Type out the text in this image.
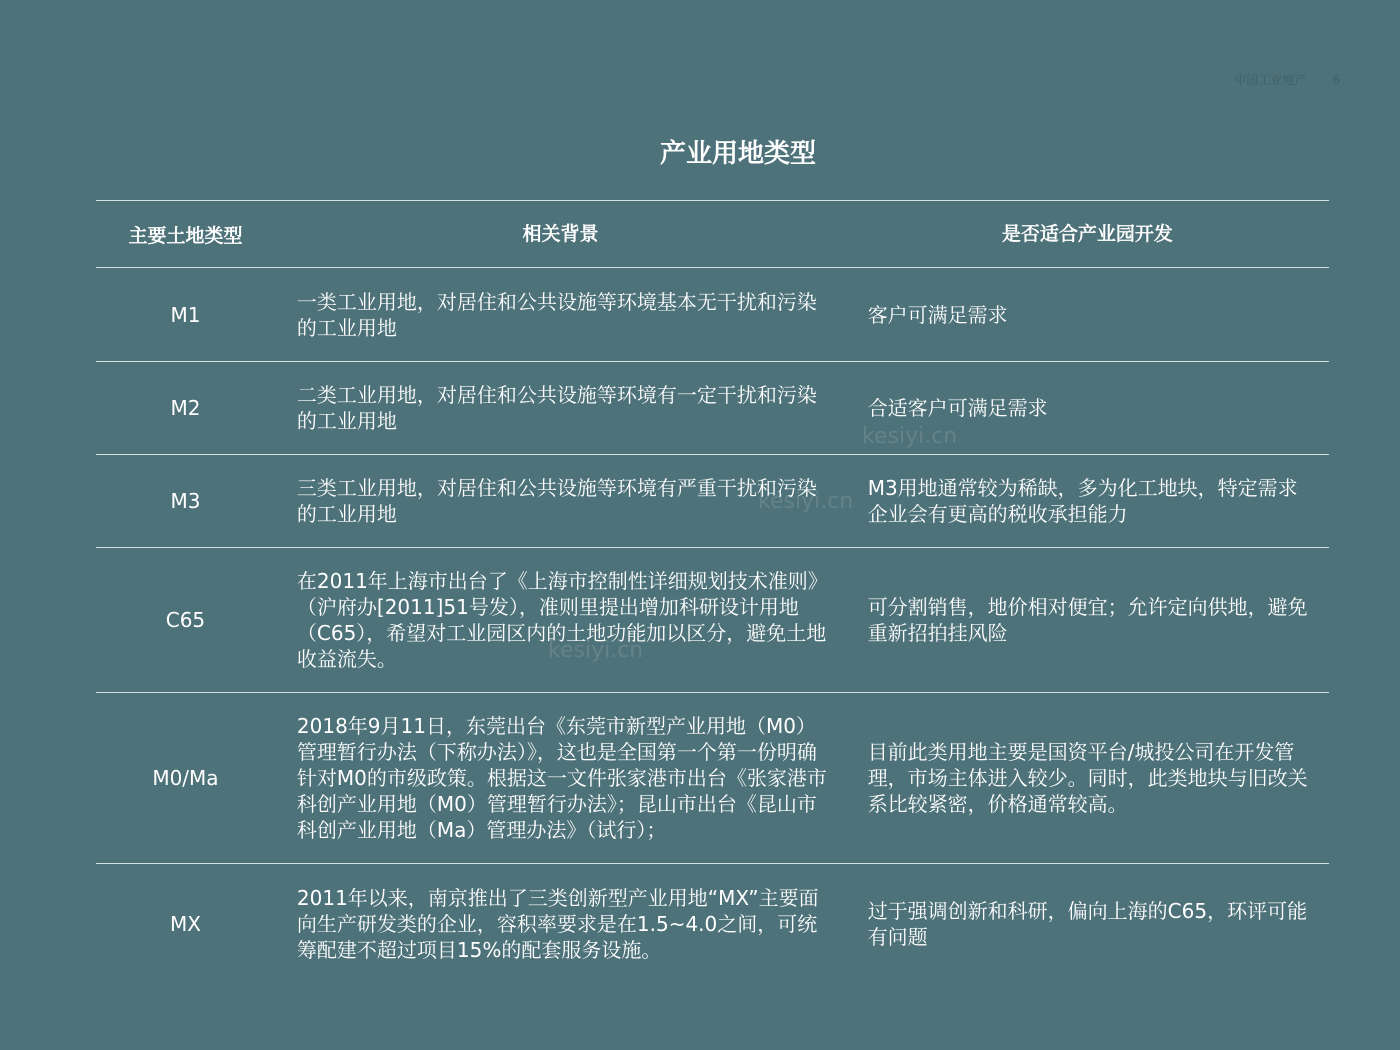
中国工业地产 6
产业用地类型
kesiyi.cn
kesiyi.cn
kesiyi.cn
主要土地类型	相关背景	是否适合产业园开发
M1
一类工业用地，对居住和公共设施等环境基本无干扰和污染的工业用地
客户可满足需求
M2
二类工业用地，对居住和公共设施等环境有一定干扰和污染的工业用地
合适客户可满足需求
M3
三类工业用地，对居住和公共设施等环境有严重干扰和污染的工业用地
M3用地通常较为稀缺，多为化工地块，特定需求企业会有更高的税收承担能力
C65
在2011年上海市出台了《上海市控制性详细规划技术准则》（沪府办[2011]51号发），准则里提出增加科研设计用地（C65），希望对工业园区内的土地功能加以区分，避免土地收益流失。
可分割销售，地价相对便宜；允许定向供地，避免重新招拍挂风险
M0/Ma
2018年9月11日，东莞出台《东莞市新型产业用地（M0）管理暂行办法（下称办法）》，这也是全国第一个第一份明确针对M0的市级政策。根据这一文件张家港市出台《张家港市科创产业用地（M0）管理暂行办法》；昆山市出台《昆山市科创产业用地（Ma）管理办法》（试行）；
目前此类用地主要是国资平台/城投公司在开发管理，市场主体进入较少。同时，此类地块与旧改关系比较紧密，价格通常较高。
MX
2011年以来，南京推出了三类创新型产业用地“MX”主要面向生产研发类的企业，容积率要求是在1.5~4.0之间，可统筹配建不超过项目15%的配套服务设施。
过于强调创新和科研，偏向上海的C65，环评可能有问题
